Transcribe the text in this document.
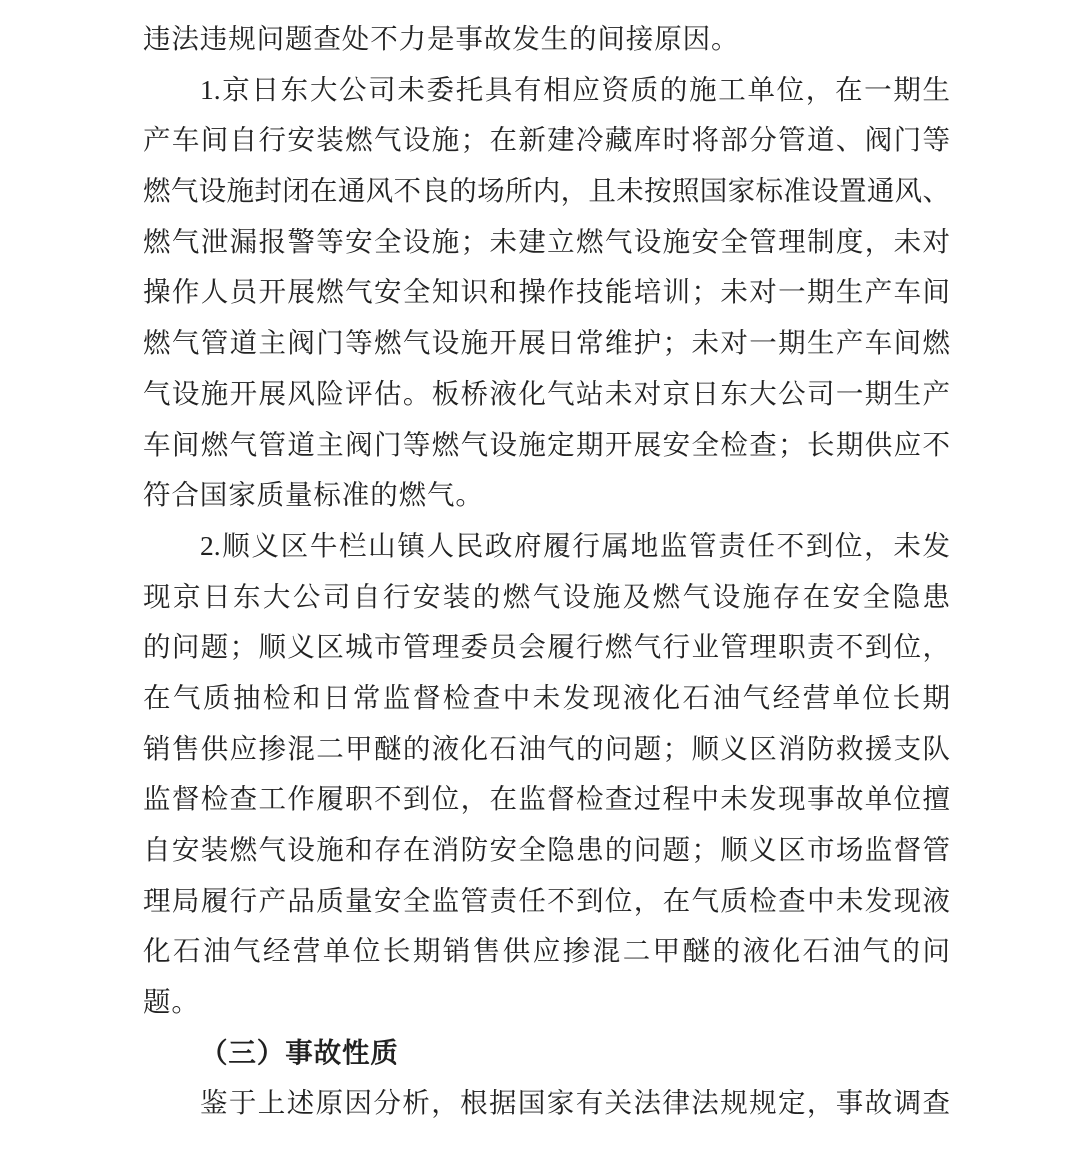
违法违规问题查处不力是事故发生的间接原因。
1.京日东大公司未委托具有相应资质的施工单位，在一期生
产车间自行安装燃气设施；在新建冷藏库时将部分管道、阀门等
燃气设施封闭在通风不良的场所内，且未按照国家标准设置通风、
燃气泄漏报警等安全设施；未建立燃气设施安全管理制度，未对
操作人员开展燃气安全知识和操作技能培训；未对一期生产车间
燃气管道主阀门等燃气设施开展日常维护；未对一期生产车间燃
气设施开展风险评估。板桥液化气站未对京日东大公司一期生产
车间燃气管道主阀门等燃气设施定期开展安全检查；长期供应不
符合国家质量标准的燃气。
2.顺义区牛栏山镇人民政府履行属地监管责任不到位，未发
现京日东大公司自行安装的燃气设施及燃气设施存在安全隐患
的问题；顺义区城市管理委员会履行燃气行业管理职责不到位，
在气质抽检和日常监督检查中未发现液化石油气经营单位长期
销售供应掺混二甲醚的液化石油气的问题；顺义区消防救援支队
监督检查工作履职不到位，在监督检查过程中未发现事故单位擅
自安装燃气设施和存在消防安全隐患的问题；顺义区市场监督管
理局履行产品质量安全监管责任不到位，在气质检查中未发现液
化石油气经营单位长期销售供应掺混二甲醚的液化石油气的问
题。
（三）事故性质
鉴于上述原因分析，根据国家有关法律法规规定，事故调查
